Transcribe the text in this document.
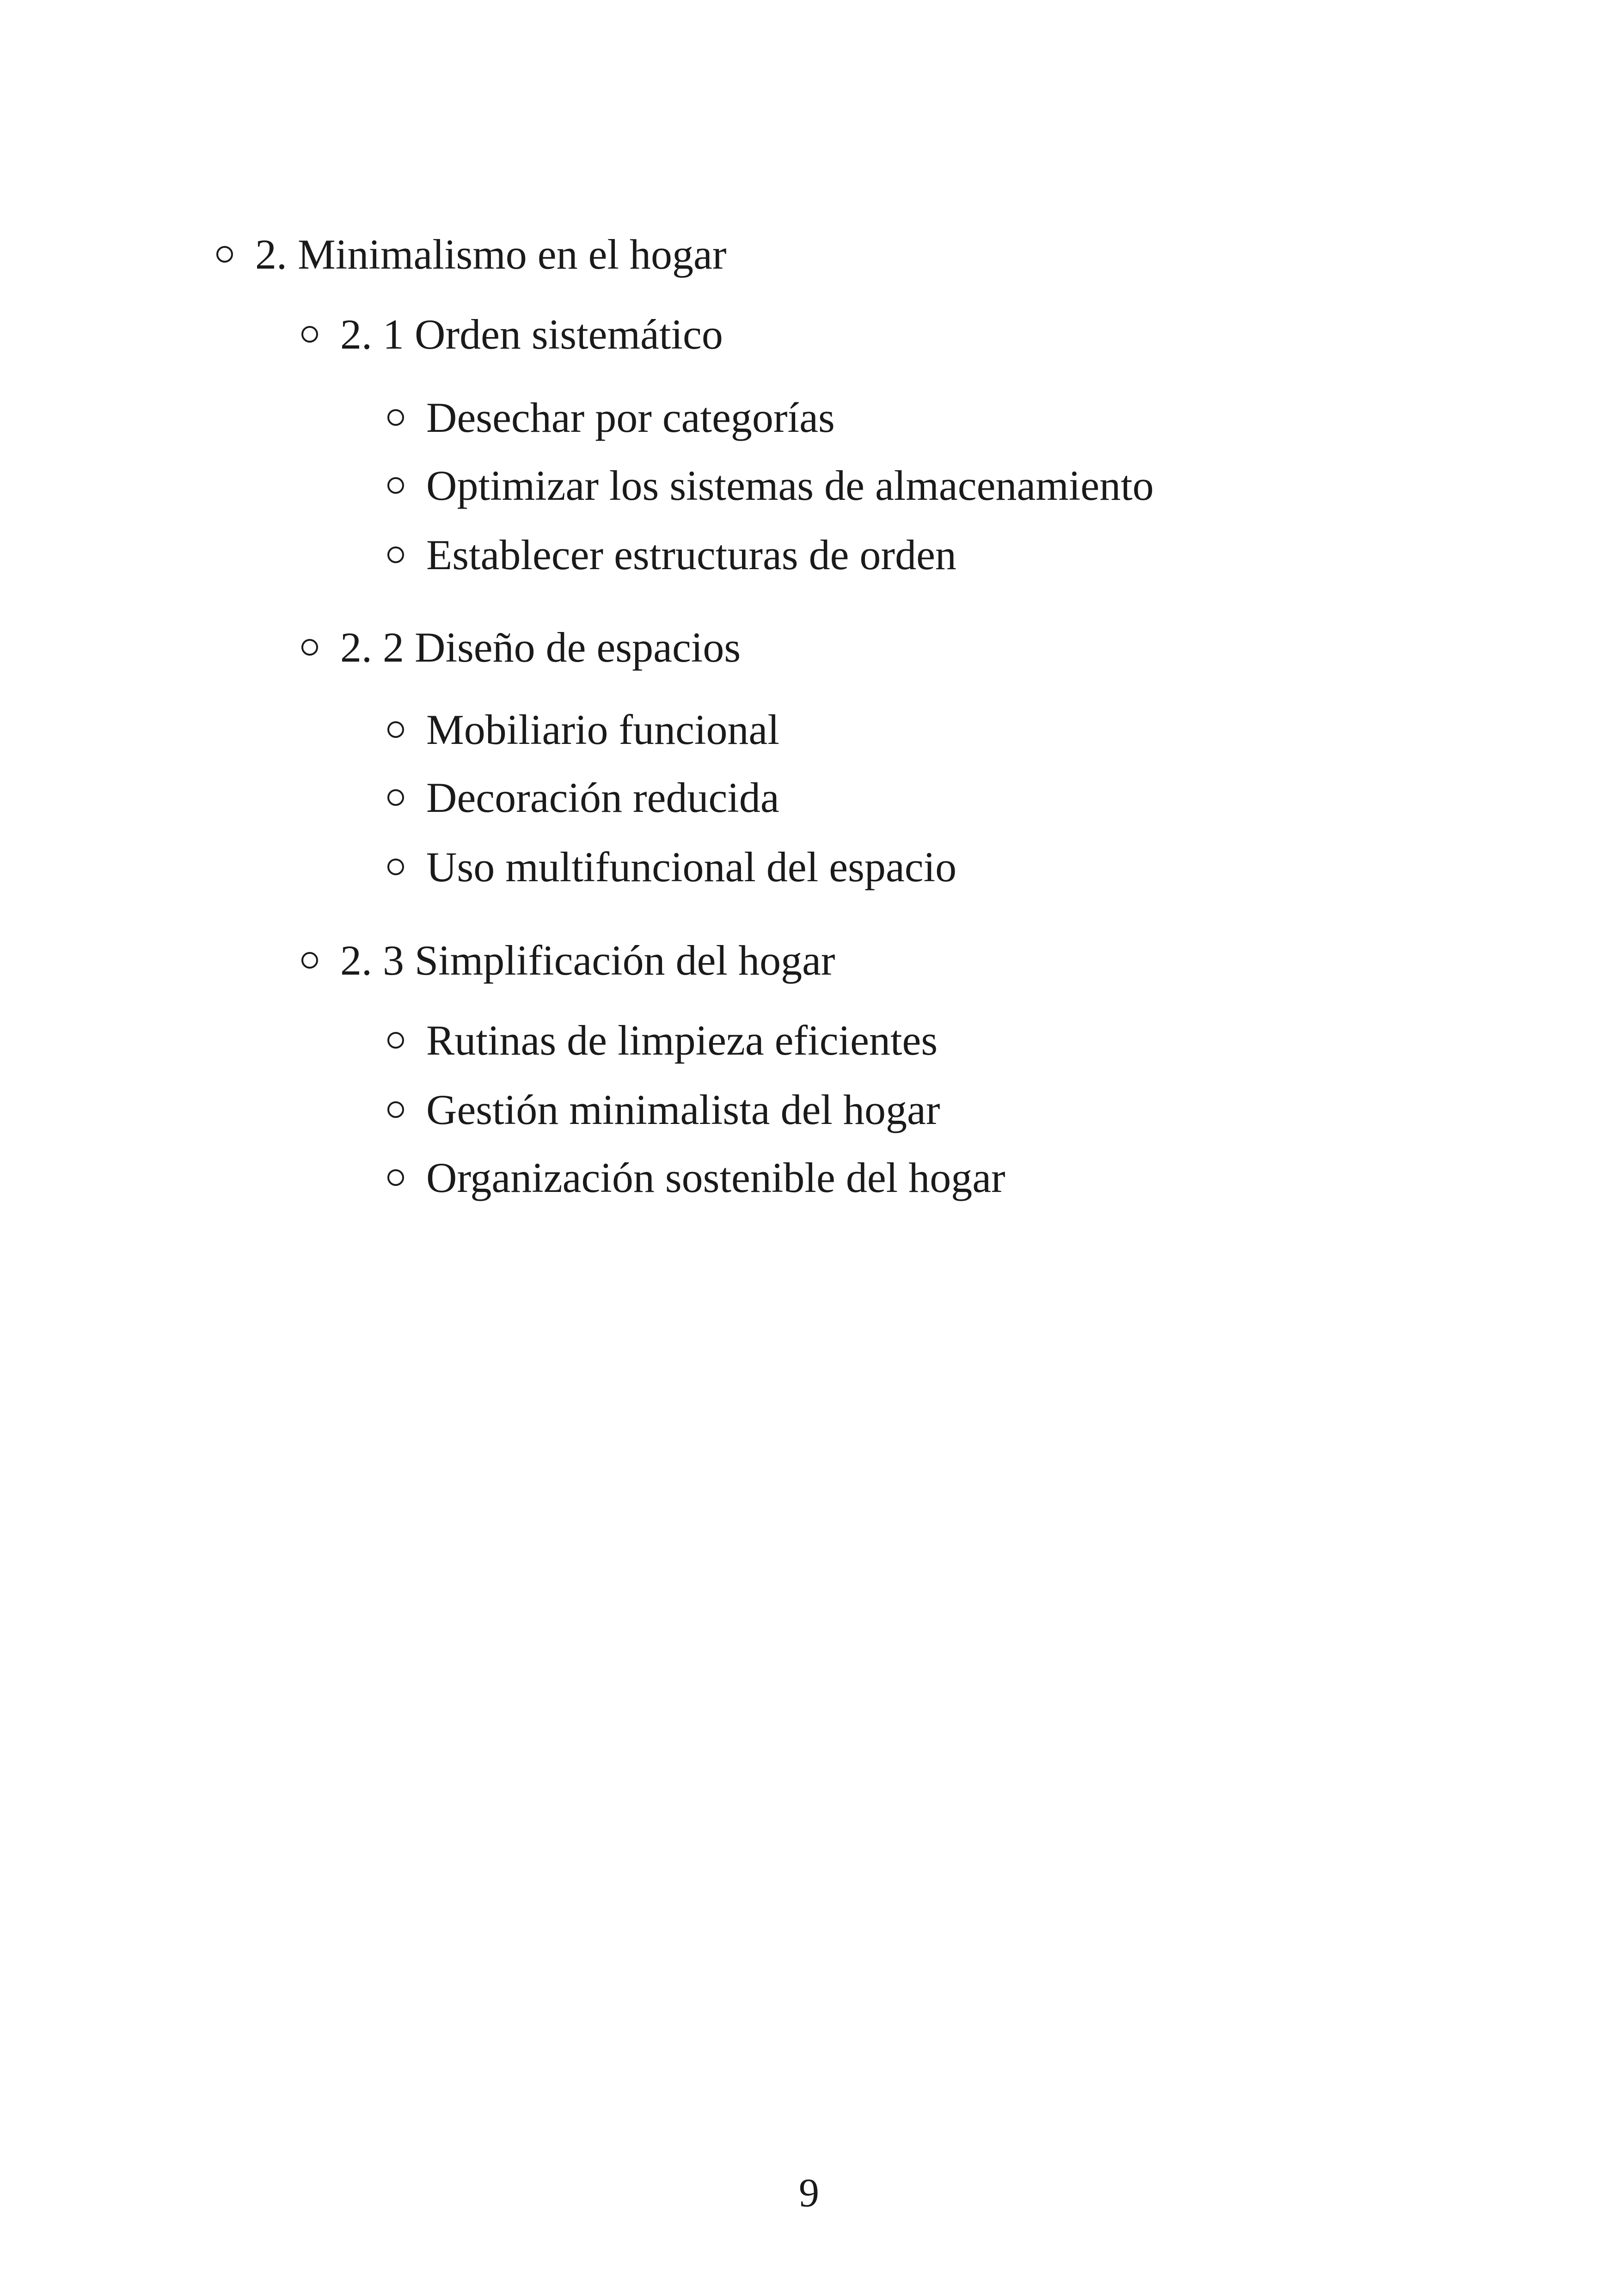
2. Minimalismo en el hogar
2. 1 Orden sistemático
Desechar por categorías
Optimizar los sistemas de almacenamiento
Establecer estructuras de orden
2. 2 Diseño de espacios
Mobiliario funcional
Decoración reducida
Uso multifuncional del espacio
2. 3 Simplificación del hogar
Rutinas de limpieza eficientes
Gestión minimalista del hogar
Organización sostenible del hogar
9
